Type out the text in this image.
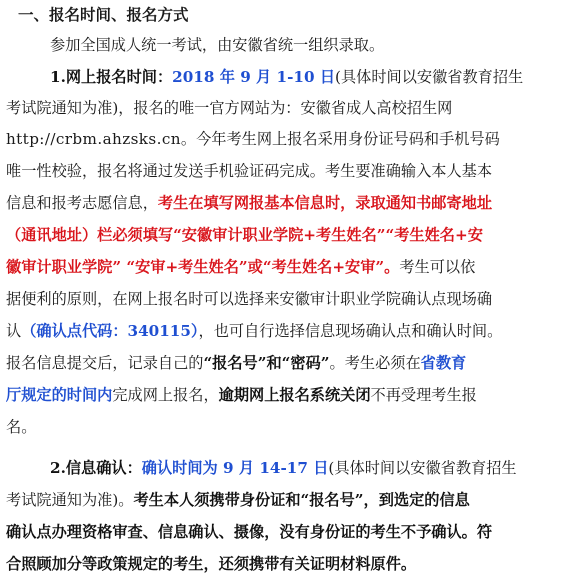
一、报名时间、报名方式
参加全国成人统一考试，由安徽省统一组织录取。
1.网上报名时间：2018 年 9 月 1-10 日(具体时间以安徽省教育招生
考试院通知为准)，报名的唯一官方网站为：安徽省成人高校招生网
http://crbm.ahzsks.cn。今年考生网上报名采用身份证号码和手机号码
唯一性校验，报名将通过发送手机验证码完成。考生要准确输入本人基本
信息和报考志愿信息，考生在填写网报基本信息时，录取通知书邮寄地址
（通讯地址）栏必须填写“安徽审计职业学院+考生姓名”“考生姓名+安
徽审计职业学院” “安审+考生姓名”或“考生姓名+安审”。考生可以依
据便利的原则，在网上报名时可以选择来安徽审计职业学院确认点现场确
认（确认点代码：340115），也可自行选择信息现场确认点和确认时间。
报名信息提交后，记录自己的“报名号”和“密码”。考生必须在省教育
厅规定的时间内完成网上报名，逾期网上报名系统关闭不再受理考生报
名。
2.信息确认：确认时间为 9 月 14-17 日(具体时间以安徽省教育招生
考试院通知为准)。考生本人须携带身份证和“报名号”，到选定的信息
确认点办理资格审查、信息确认、摄像，没有身份证的考生不予确认。符
合照顾加分等政策规定的考生，还须携带有关证明材料原件。
